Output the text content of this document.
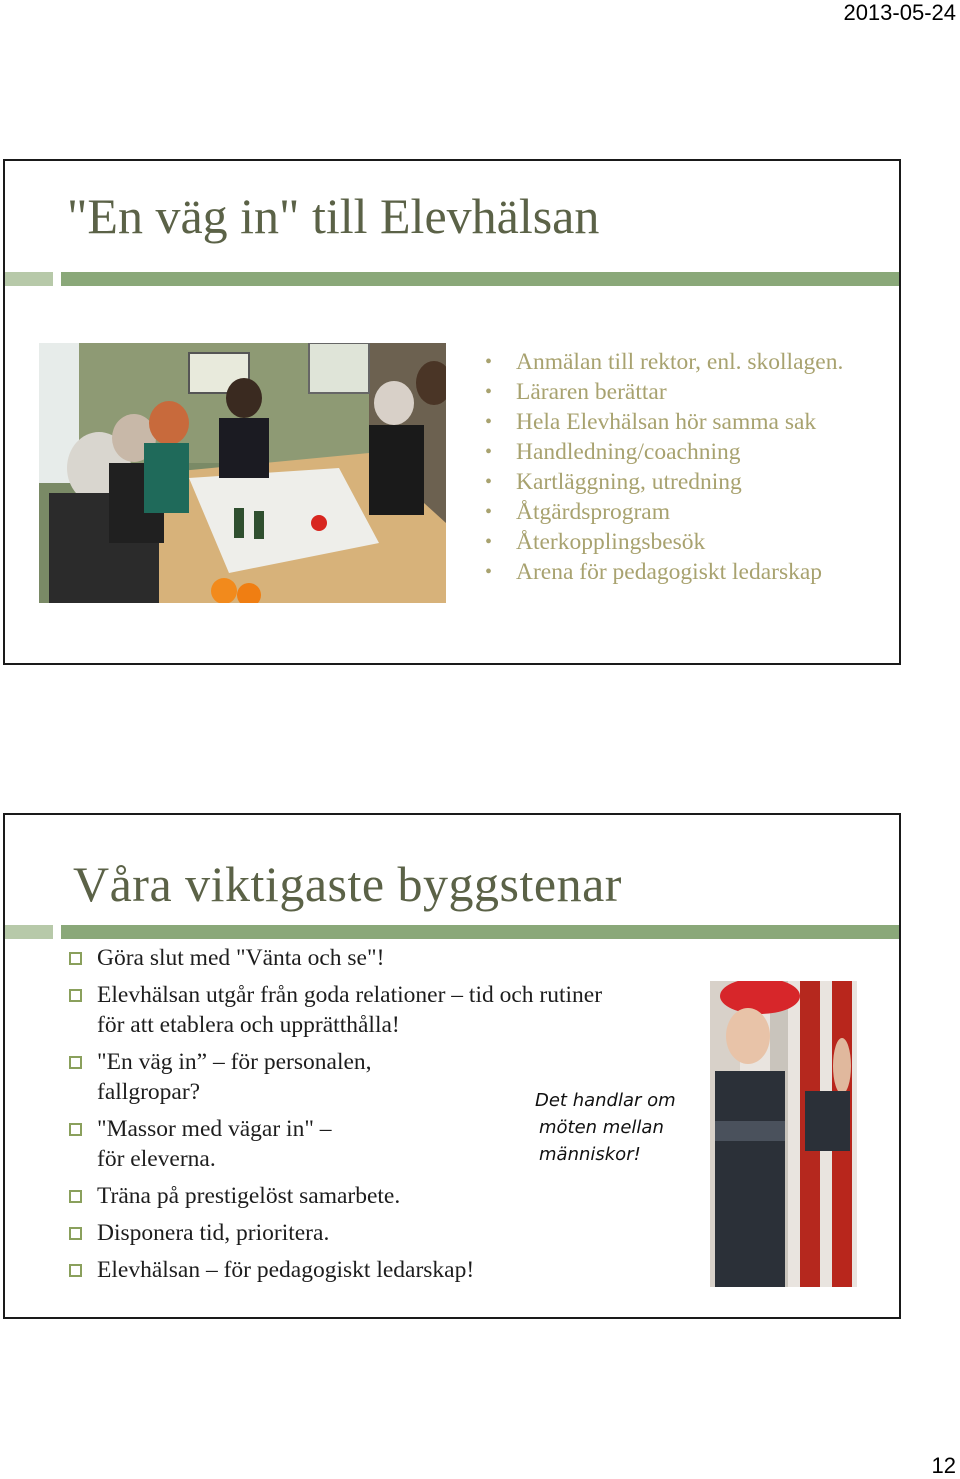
2013-05-24
"En väg in" till Elevhälsan
• Anmälan till rektor, enl. skollagen.
• Läraren berättar
• Hela Elevhälsan hör samma sak
• Handledning/coachning
• Kartläggning, utredning
• Åtgärdsprogram
• Återkopplingsbesök
• Arena för pedagogiskt ledarskap
Våra viktigaste byggstenar
Göra slut med "Vänta och se"!
Elevhälsan utgår från goda relationer – tid och rutiner för att etablera och upprätthålla!
"En väg in” – för personalen, fallgropar?
"Massor med vägar in" – för eleverna.
Träna på prestigelöst samarbete.
Disponera tid, prioritera.
Elevhälsan – för pedagogiskt ledarskap!
Det handlar om
möten mellan
människor!
12
